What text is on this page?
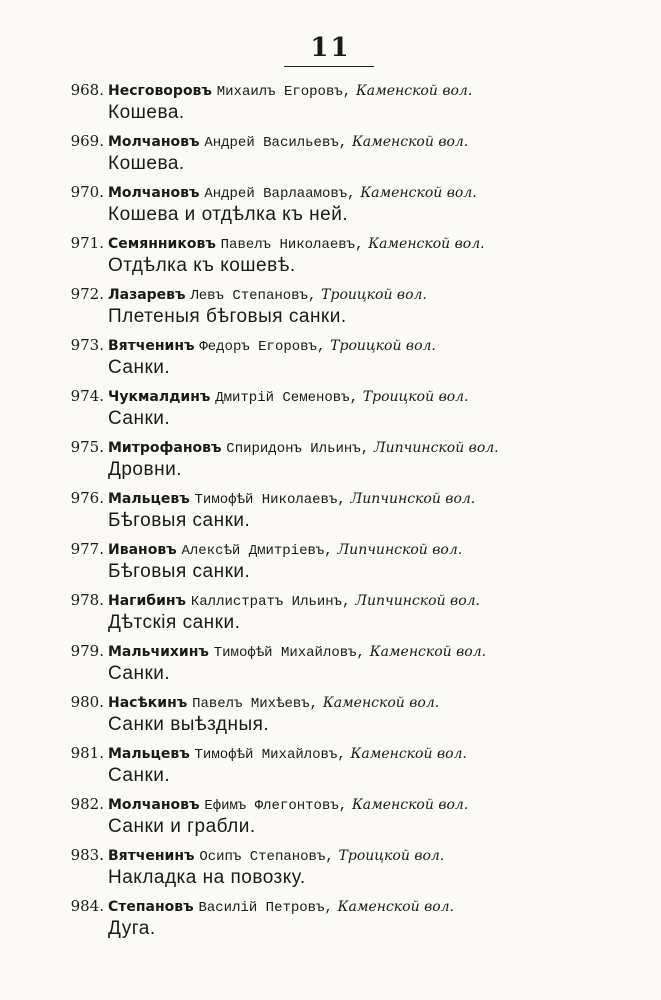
11
968. Несговоровъ Михаилъ Егоровъ, Каменской вол.
Кошева.
969. Молчановъ Андрей Васильевъ, Каменской вол.
Кошева.
970. Молчановъ Андрей Варлаамовъ, Каменской вол.
Кошева и отдѣлка къ ней.
971. Семянниковъ Павелъ Николаевъ, Каменской вол.
Отдѣлка къ кошевѣ.
972. Лазаревъ Левъ Степановъ, Троицкой вол.
Плетеныя бѣговыя санки.
973. Вятченинъ Федоръ Егоровъ, Троицкой вол.
Санки.
974. Чукмалдинъ Дмитрій Семеновъ, Троицкой вол.
Санки.
975. Митрофановъ Спиридонъ Ильинъ, Липчинской вол.
Дровни.
976. Мальцевъ Тимофѣй Николаевъ, Липчинской вол.
Бѣговыя санки.
977. Ивановъ Алексѣй Дмитріевъ, Липчинской вол.
Бѣговыя санки.
978. Нагибинъ Каллистратъ Ильинъ, Липчинской вол.
Дѣтскія санки.
979. Мальчихинъ Тимофѣй Михайловъ, Каменской вол.
Санки.
980. Насѣкинъ Павелъ Михѣевъ, Каменской вол.
Санки выѣздныя.
981. Мальцевъ Тимофѣй Михайловъ, Каменской вол.
Санки.
982. Молчановъ Ефимъ Флегонтовъ, Каменской вол.
Санки и грабли.
983. Вятченинъ Осипъ Степановъ, Троицкой вол.
Накладка на повозку.
984. Степановъ Василій Петровъ, Каменской вол.
Дуга.
